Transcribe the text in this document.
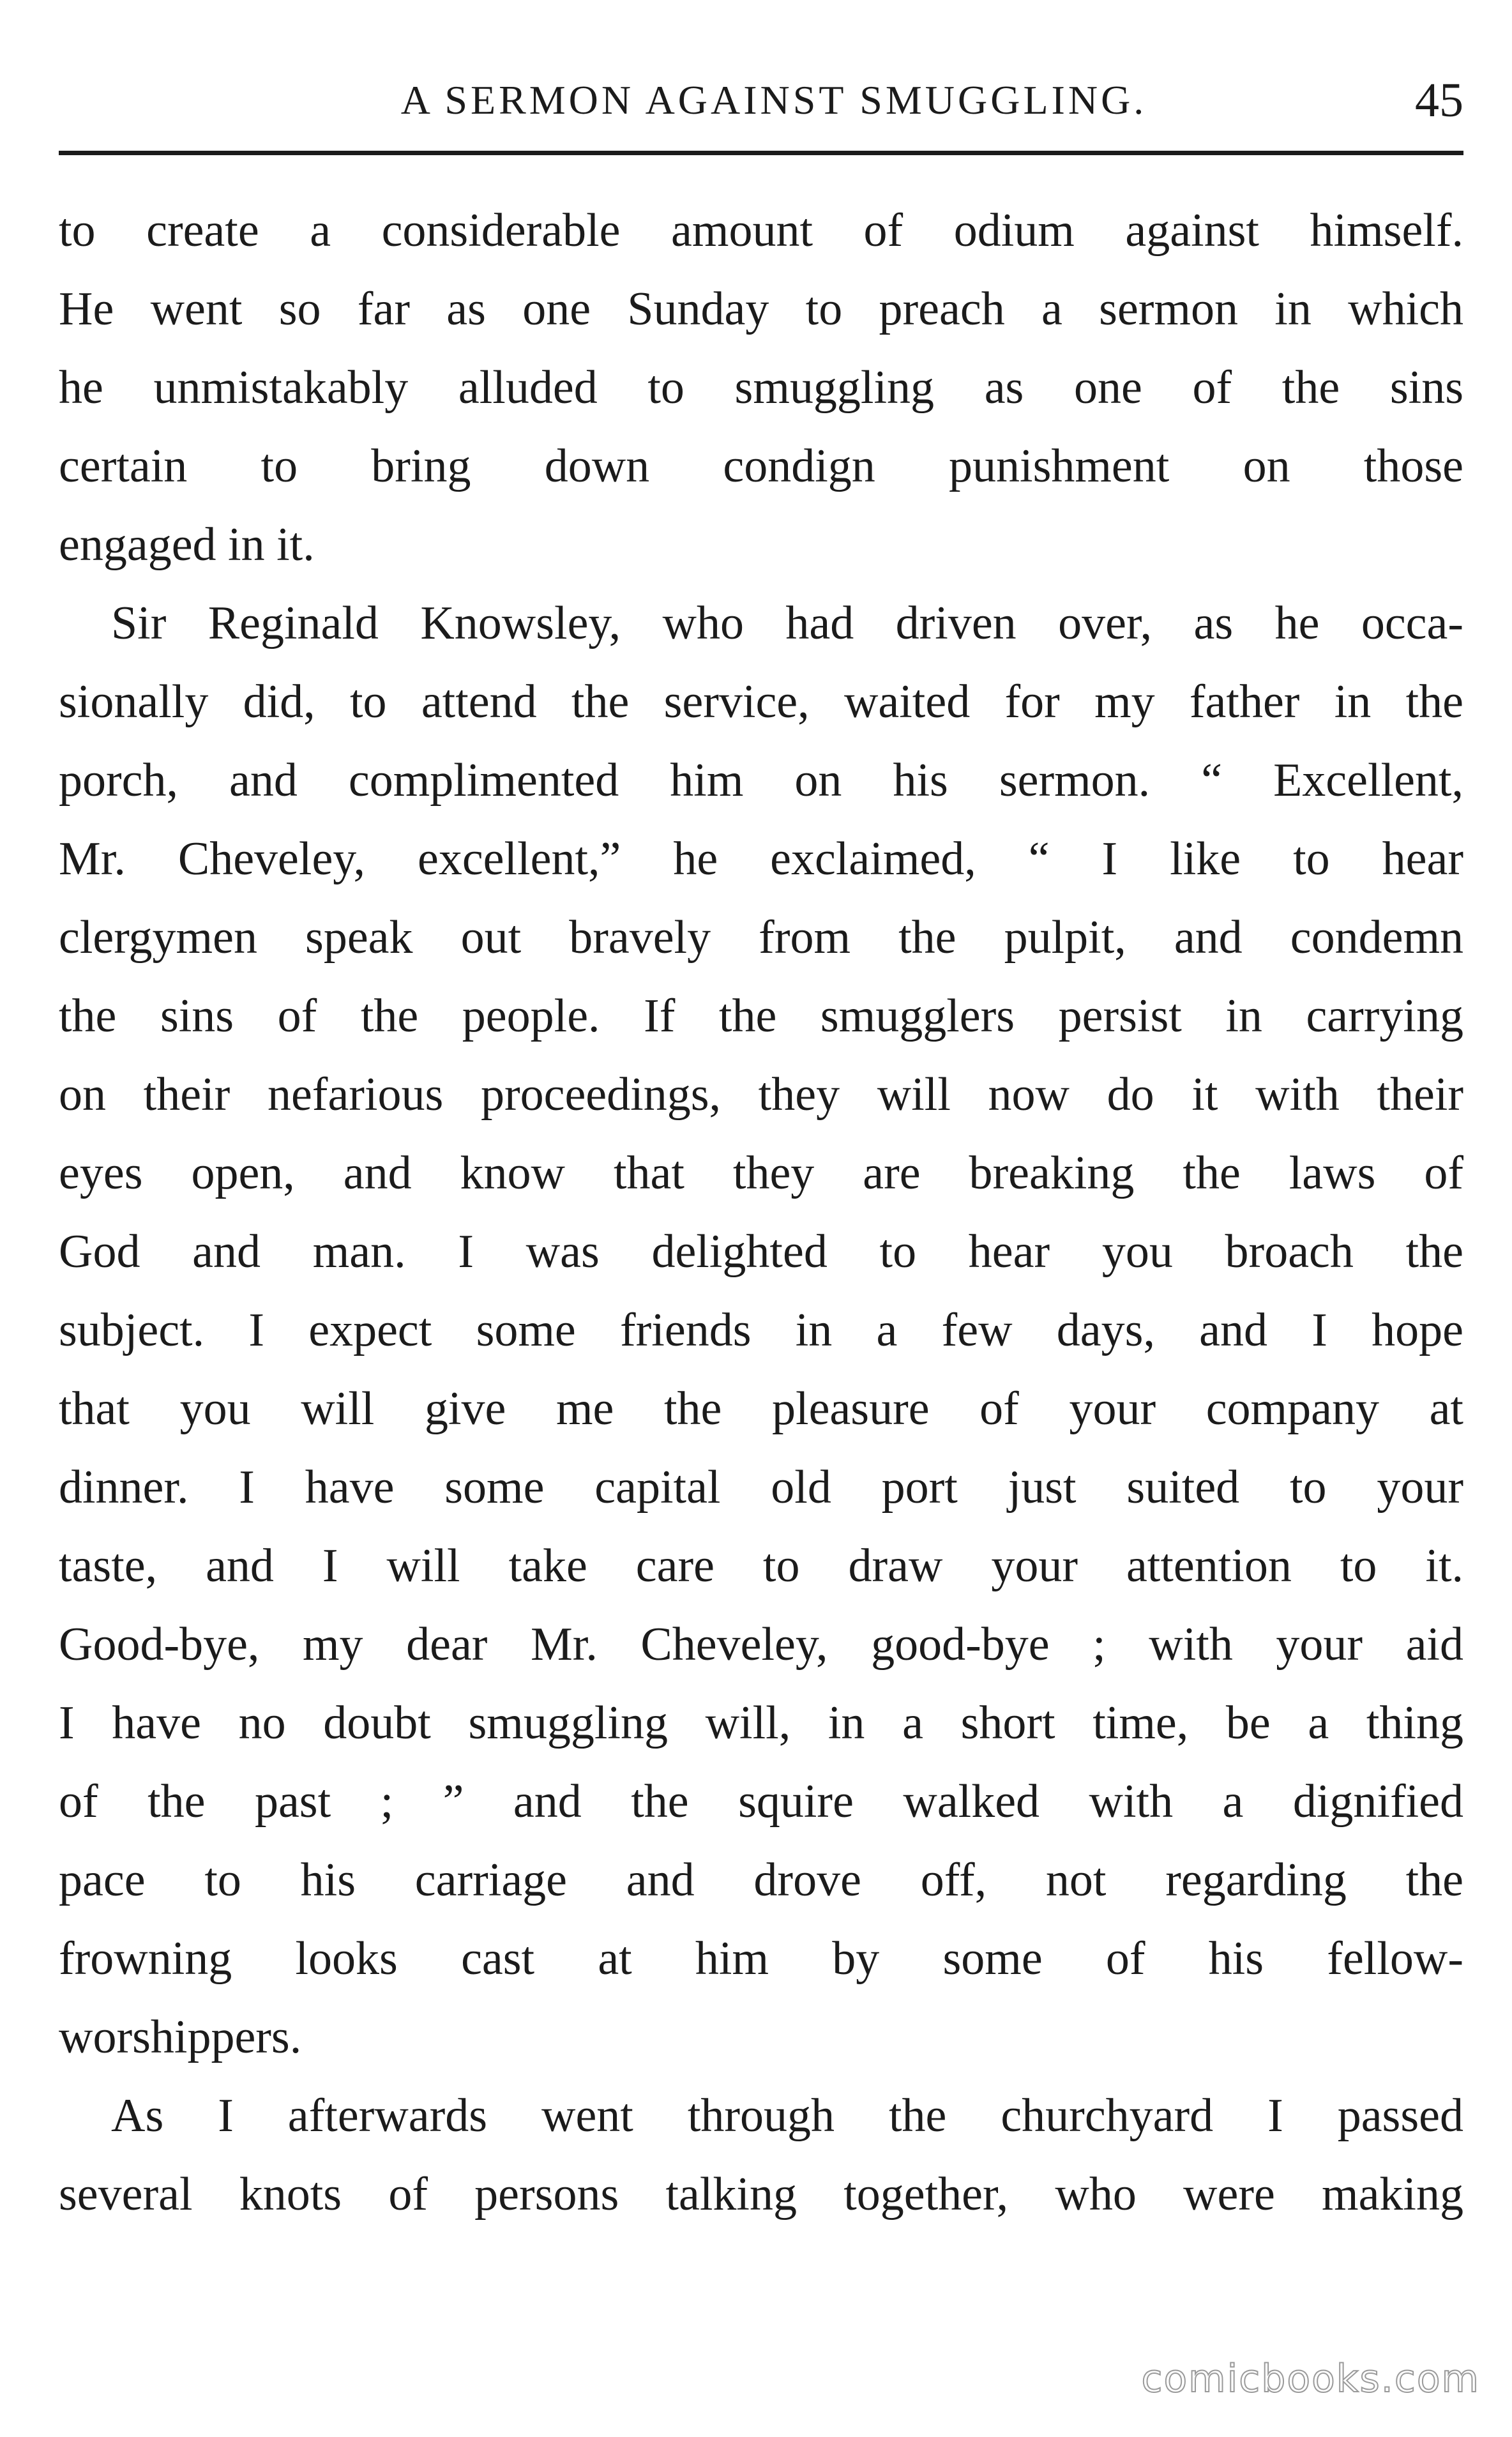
A SERMON AGAINST SMUGGLING.	45
to create a considerable amount of odium against himself.
He went so far as one Sunday to preach a sermon in which
he unmistakably alluded to smuggling as one of the sins
certain to bring down condign punishment on those
engaged in it.
Sir Reginald Knowsley, who had driven over, as he occa-
sionally did, to attend the service, waited for my father in the
porch, and complimented him on his sermon. “ Excellent,
Mr. Cheveley, excellent,” he exclaimed, “ I like to hear
clergymen speak out bravely from the pulpit, and condemn
the sins of the people. If the smugglers persist in carrying
on their nefarious proceedings, they will now do it with their
eyes open, and know that they are breaking the laws of
God and man. I was delighted to hear you broach the
subject. I expect some friends in a few days, and I hope
that you will give me the pleasure of your company at
dinner. I have some capital old port just suited to your
taste, and I will take care to draw your attention to it.
Good-bye, my dear Mr. Cheveley, good-bye ; with your aid
I have no doubt smuggling will, in a short time, be a thing
of the past ; ” and the squire walked with a dignified
pace to his carriage and drove off, not regarding the
frowning looks cast at him by some of his fellow-
worshippers.
As I afterwards went through the churchyard I passed
several knots of persons talking together, who were making
comicbooks.com
